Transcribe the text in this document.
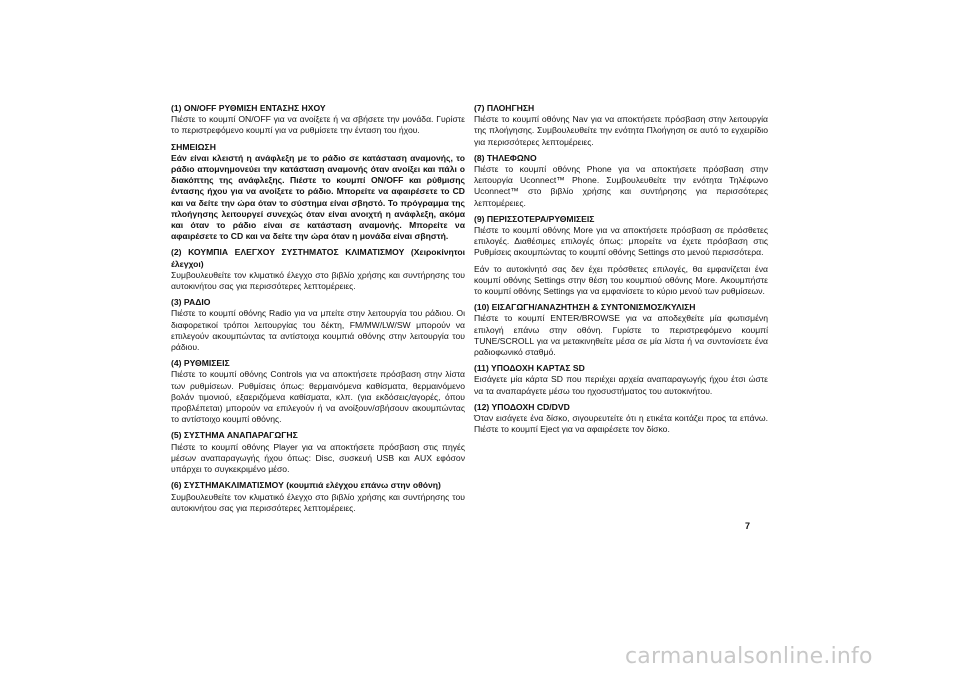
(1) ON/OFF ΡΥΘΜΙΣΗ ΕΝΤΑΣΗΣ ΗΧΟΥ

Πιέστε το κουμπί ON/OFF για να ανοίξετε ή να σβήσετε την μονάδα. Γυρίστε το περιστρεφόμενο κουμπί για να ρυθμίσετε την ένταση του ήχου.

ΣΗΜΕΙΩΣΗ

Εάν είναι κλειστή η ανάφλεξη με το ράδιο σε κατάσταση αναμονής, το ράδιο απομνημονεύει την κατάσταση αναμονής όταν ανοίξει και πάλι ο διακόπτης της ανάφλεξης. Πιέστε το κουμπί ON/OFF και ρύθμισης έντασης ήχου για να ανοίξετε το ράδιο. Μπορείτε να αφαιρέσετε το CD και να δείτε την ώρα όταν το σύστημα είναι σβηστό. Το πρόγραμμα της πλοήγησης λειτουργεί συνεχώς όταν είναι ανοιχτή η ανάφλεξη, ακόμα και όταν το ράδιο είναι σε κατάσταση αναμονής. Μπορείτε να αφαιρέσετε το CD και να δείτε την ώρα όταν η μονάδα είναι σβηστή.

(2) ΚΟΥΜΠΙΑ ΕΛΕΓΧΟΥ ΣΥΣΤΗΜΑΤΟΣ ΚΛΙΜΑΤΙΣΜΟΥ (Χειροκίνητοι έλεγχοι)

Συμβουλευθείτε τον κλιματικό έλεγχο στο βιβλίο χρήσης και συντήρησης του αυτοκινήτου σας για περισσότερες λεπτομέρειες.

(3) ΡΑΔΙΟ

Πιέστε το κουμπί οθόνης Radio για να μπείτε στην λειτουργία του ράδιου. Οι διαφορετικοί τρόποι λειτουργίας του δέκτη, FM/MW/LW/SW μπορούν να επιλεγούν ακουμπώντας τα αντίστοιχα κουμπιά οθόνης στην λειτουργία του ράδιου.

(4) ΡΥΘΜΙΣΕΙΣ

Πιέστε το κουμπί οθόνης Controls για να αποκτήσετε πρόσβαση στην λίστα των ρυθμίσεων. Ρυθμίσεις όπως: θερμαινόμενα καθίσματα, θερμαινόμενο βολάν τιμονιού, εξαεριζόμενα καθίσματα, κλπ. (για εκδόσεις/αγορές, όπου προβλέπεται) μπορούν να επιλεγούν ή να ανοίξουν/σβήσουν ακουμπώντας το αντίστοιχο κουμπί οθόνης.

(5) ΣΥΣΤΗΜΑ ΑΝΑΠΑΡΑΓΩΓΗΣ

Πιέστε το κουμπί οθόνης Player για να αποκτήσετε πρόσβαση στις πηγές μέσων αναπαραγωγής ήχου όπως: Disc, συσκευή USB και AUX εφόσον υπάρχει το συγκεκριμένο μέσο.

(6) ΣΥΣΤΗΜΑΚΛΙΜΑΤΙΣΜΟΥ (κουμπιά ελέγχου επάνω στην οθόνη)

Συμβουλευθείτε τον κλιματικό έλεγχο στο βιβλίο χρήσης και συντήρησης του αυτοκινήτου σας για περισσότερες λεπτομέρειες.

(7) ΠΛΟΗΓΗΣΗ

Πιέστε το κουμπί οθόνης Nav για να αποκτήσετε πρόσβαση στην λειτουργία της πλοήγησης. Συμβουλευθείτε την ενότητα Πλοήγηση σε αυτό το εγχειρίδιο για περισσότερες λεπτομέρειες.

(8) ΤΗΛΕΦΩΝΟ

Πιέστε το κουμπί οθόνης Phone για να αποκτήσετε πρόσβαση στην λειτουργία Uconnect™ Phone. Συμβουλευθείτε την ενότητα Τηλέφωνο Uconnect™ στο βιβλίο χρήσης και συντήρησης για περισσότερες λεπτομέρειες.

(9) ΠΕΡΙΣΣΟΤΕΡΑ/ΡΥΘΜΙΣΕΙΣ

Πιέστε το κουμπί οθόνης More για να αποκτήσετε πρόσβαση σε πρόσθετες επιλογές. Διαθέσιμες επιλογές όπως: μπορείτε να έχετε πρόσβαση στις Ρυθμίσεις ακουμπώντας το κουμπί οθόνης Settings στο μενού περισσότερα.

Εάν το αυτοκίνητό σας δεν έχει πρόσθετες επιλογές, θα εμφανίζεται ένα κουμπί οθόνης Settings στην θέση του κουμπιού οθόνης More. Ακουμπήστε το κουμπί οθόνης Settings για να εμφανίσετε το κύριο μενού των ρυθμίσεων.

(10) ΕΙΣΑΓΩΓΗ/ΑΝΑΖΗΤΗΣΗ & ΣΥΝΤΟΝΙΣΜΟΣ/ΚΥΛΙΣΗ

Πιέστε το κουμπί ENTER/BROWSE για να αποδεχθείτε μία φωτισμένη επιλογή επάνω στην οθόνη. Γυρίστε το περιστρεφόμενο κουμπί TUNE/SCROLL για να μετακινηθείτε μέσα σε μία λίστα ή να συντονίσετε ένα ραδιοφωνικό σταθμό.

(11) ΥΠΟΔΟΧΗ ΚΑΡΤΑΣ SD

Εισάγετε μία κάρτα SD που περιέχει αρχεία αναπαραγωγής ήχου έτσι ώστε να τα αναπαράγετε μέσω του ηχοσυστήματος του αυτοκινήτου.

(12) ΥΠΟΔΟΧΗ CD/DVD

Όταν εισάγετε ένα δίσκο, σιγουρευτείτε ότι η ετικέτα κοιτάζει προς τα επάνω. Πιέστε το κουμπί Eject για να αφαιρέσετε τον δίσκο.

7
carmanualsonline.info
